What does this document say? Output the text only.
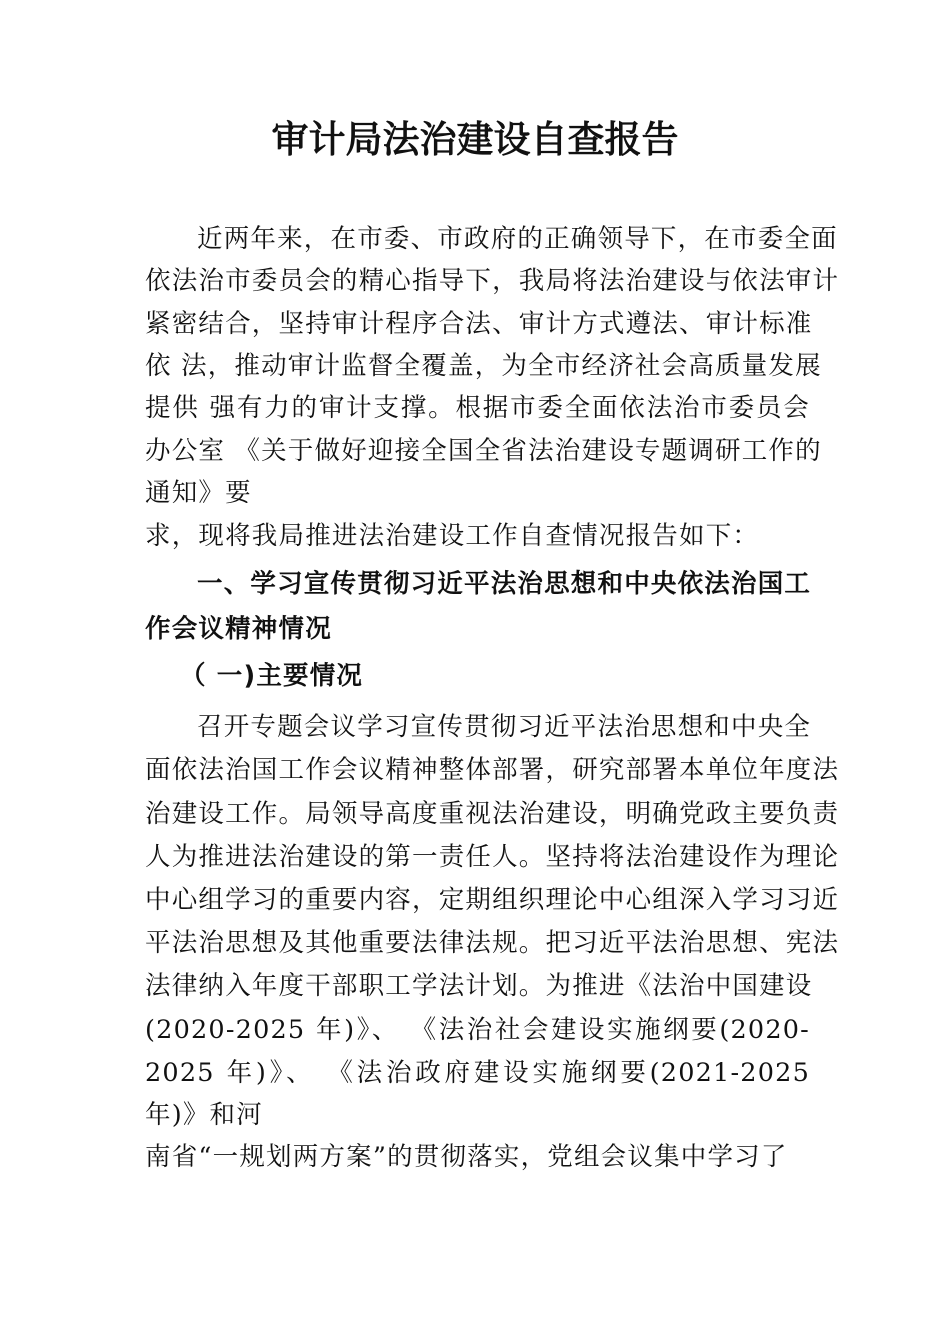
审计局法治建设自查报告
近两年来，在市委、市政府的正确领导下，在市委全面
依法治市委员会的精心指导下，我局将法治建设与依法审计
紧密结合，坚持审计程序合法、审计方式遵法、审计标准
依 法，推动审计监督全覆盖，为全市经济社会高质量发展
提供 强有力的审计支撑。根据市委全面依法治市委员会
办公室 《关于做好迎接全国全省法治建设专题调研工作的
通知》要
求，现将我局推进法治建设工作自查情况报告如下：
一、学习宣传贯彻习近平法治思想和中央依法治国工
作会议精神情况
（ 一)主要情况
召开专题会议学习宣传贯彻习近平法治思想和中央全
面依法治国工作会议精神整体部署，研究部署本单位年度法
治建设工作。局领导高度重视法治建设，明确党政主要负责
人为推进法治建设的第一责任人。坚持将法治建设作为理论
中心组学习的重要内容，定期组织理论中心组深入学习习近
平法治思想及其他重要法律法规。把习近平法治思想、宪法
法律纳入年度干部职工学法计划。为推进《法治中国建设
(2020-2025 年)》、 《法治社会建设实施纲要(2020-
2025 年)》、 《法治政府建设实施纲要(2021-2025
年)》和河
南省“一规划两方案”的贯彻落实，党组会议集中学习了
